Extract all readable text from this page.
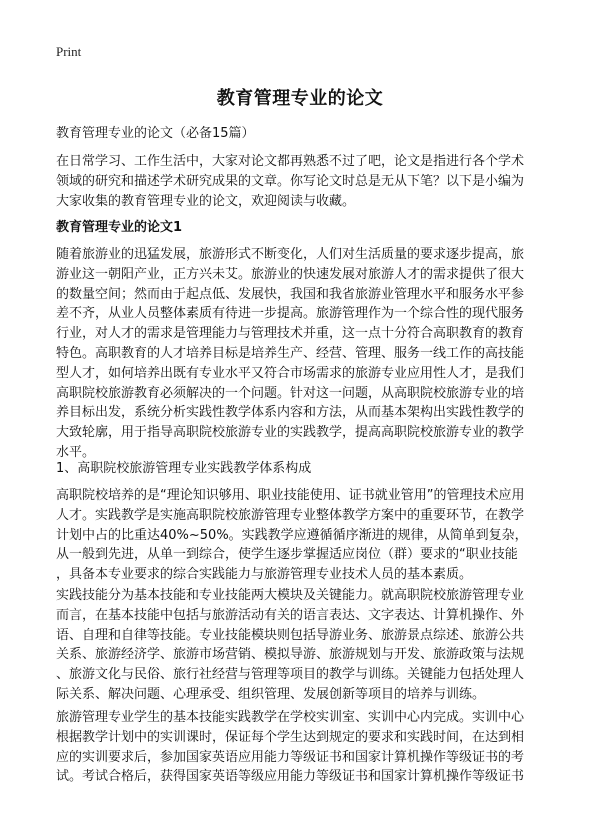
Print
教育管理专业的论文

教育管理专业的论文（必备15篇）

在日常学习、工作生活中，大家对论文都再熟悉不过了吧，论文是指进行各个学术
领域的研究和描述学术研究成果的文章。你写论文时总是无从下笔？以下是小编为
大家收集的教育管理专业的论文，欢迎阅读与收藏。

教育管理专业的论文1

随着旅游业的迅猛发展，旅游形式不断变化，人们对生活质量的要求逐步提高，旅
游业这一朝阳产业，正方兴未艾。旅游业的快速发展对旅游人才的需求提供了很大
的数量空间；然而由于起点低、发展快，我国和我省旅游业管理水平和服务水平参
差不齐，从业人员整体素质有待进一步提高。旅游管理作为一个综合性的现代服务
行业，对人才的需求是管理能力与管理技术并重，这一点十分符合高职教育的教育
特色。高职教育的人才培养目标是培养生产、经营、管理、服务一线工作的高技能
型人才，如何培养出既有专业水平又符合市场需求的旅游专业应用性人才，是我们
高职院校旅游教育必须解决的一个问题。针对这一问题，从高职院校旅游专业的培
养目标出发，系统分析实践性教学体系内容和方法，从而基本架构出实践性教学的
大致轮廓，用于指导高职院校旅游专业的实践教学，提高高职院校旅游专业的教学
水平。

1、高职院校旅游管理专业实践教学体系构成

高职院校培养的是“理论知识够用、职业技能使用、证书就业管用”的管理技术应用
人才。实践教学是实施高职院校旅游管理专业整体教学方案中的重要环节，在教学
计划中占的比重达40%~50%。实践教学应遵循循序渐进的规律，从简单到复杂，
从一般到先进，从单一到综合，使学生逐步掌握适应岗位（群）要求的“职业技能
，具备本专业要求的综合实践能力与旅游管理专业技术人员的基本素质。

实践技能分为基本技能和专业技能两大模块及关键能力。就高职院校旅游管理专业
而言，在基本技能中包括与旅游活动有关的语言表达、文字表达、计算机操作、外
语、自理和自律等技能。专业技能模块则包括导游业务、旅游景点综述、旅游公共
关系、旅游经济学、旅游市场营销、模拟导游、旅游规划与开发、旅游政策与法规
、旅游文化与民俗、旅行社经营与管理等项目的教学与训练。关键能力包括处理人
际关系、解决问题、心理承受、组织管理、发展创新等项目的培养与训练。

旅游管理专业学生的基本技能实践教学在学校实训室、实训中心内完成。实训中心
根据教学计划中的实训课时，保证每个学生达到规定的要求和实践时间，在达到相
应的实训要求后，参加国家英语应用能力等级证书和国家计算机操作等级证书的考
试。考试合格后，获得国家英语等级应用能力等级证书和国家计算机操作等级证书
